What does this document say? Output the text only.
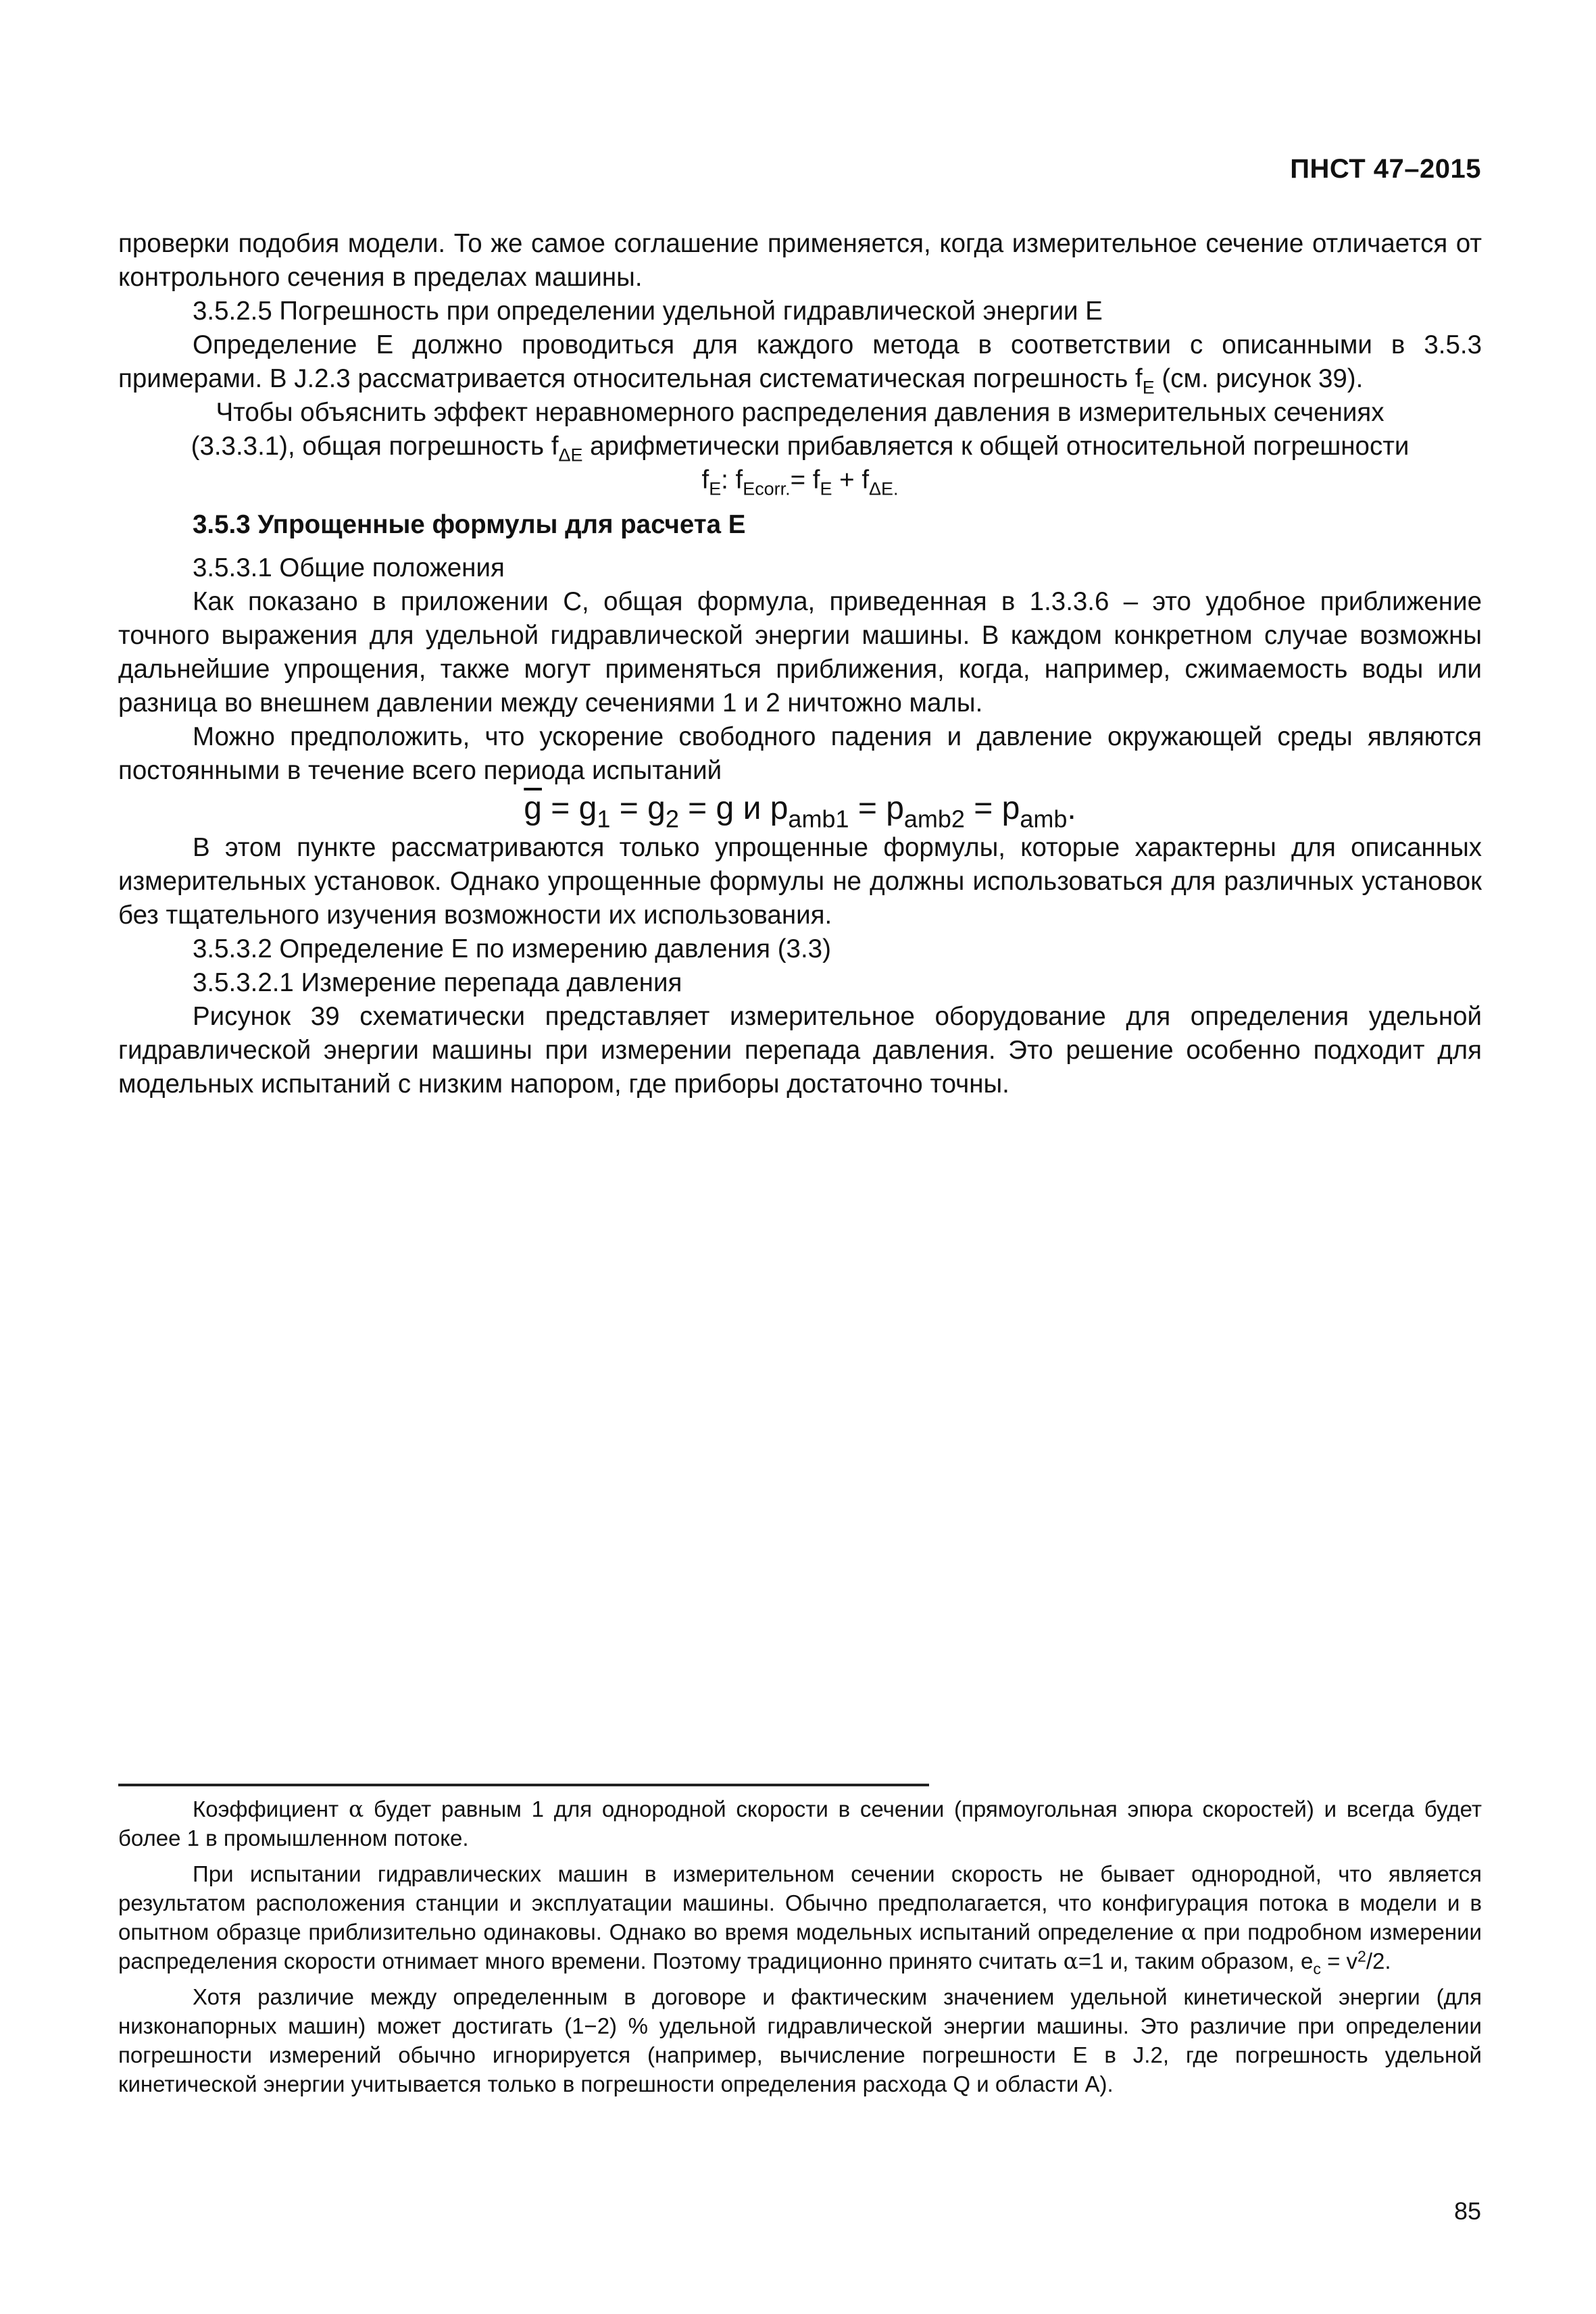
ПНСТ 47–2015

проверки подобия модели. То же самое соглашение применяется, когда измерительное сечение отличается от контрольного сечения в пределах машины.

3.5.2.5 Погрешность при определении удельной гидравлической энергии E

Определение E должно проводиться для каждого метода в соответствии с описанными в 3.5.3 примерами. В J.2.3 рассматривается относительная систематическая погрешность $f_E$ (см. рисунок 39).

Чтобы объяснить эффект неравномерного распределения давления в измерительных сечениях

(3.3.3.1), общая погрешность $f_{\Delta E}$ арифметически прибавляется к общей относительной погрешности

$f_E$: $f_{Ecorr.}= f_E + f_{\Delta E.}$

3.5.3 Упрощенные формулы для расчета E

3.5.3.1 Общие положения

Как показано в приложении С, общая формула, приведенная в 1.3.3.6 – это удобное приближение точного выражения для удельной гидравлической энергии машины. В каждом конкретном случае возможны дальнейшие упрощения, также могут применяться приближения, когда, например, сжимаемость воды или разница во внешнем давлении между сечениями 1 и 2 ничтожно малы.

Можно предположить, что ускорение свободного падения и давление окружающей среды являются постоянными в течение всего периода испытаний

$\overline{g} = g_1 = g_2 = g$ и $p_{amb1} = p_{amb2} = p_{amb}$.

В этом пункте рассматриваются только упрощенные формулы, которые характерны для описанных измерительных установок. Однако упрощенные формулы не должны использоваться для различных установок без тщательного изучения возможности их использования.

3.5.3.2 Определение E по измерению давления (3.3)

3.5.3.2.1 Измерение перепада давления

Рисунок 39 схематически представляет измерительное оборудование для определения удельной гидравлической энергии машины при измерении перепада давления. Это решение особенно подходит для модельных испытаний с низким напором, где приборы достаточно точны.

Коэффициент α будет равным 1 для однородной скорости в сечении (прямоугольная эпюра скоростей) и всегда будет более 1 в промышленном потоке.

При испытании гидравлических машин в измерительном сечении скорость не бывает однородной, что является результатом расположения станции и эксплуатации машины. Обычно предполагается, что конфигурация потока в модели и в опытном образце приблизительно одинаковы. Однако во время модельных испытаний определение α при подробном измерении распределения скорости отнимает много времени. Поэтому традиционно принято считать α=1 и, таким образом, $e_c = v^2/2$.

Хотя различие между определенным в договоре и фактическим значением удельной кинетической энергии (для низконапорных машин) может достигать (1−2) % удельной гидравлической энергии машины. Это различие при определении погрешности измерений обычно игнорируется (например, вычисление погрешности E в J.2, где погрешность удельной кинетической энергии учитывается только в погрешности определения расхода Q и области A).

85
